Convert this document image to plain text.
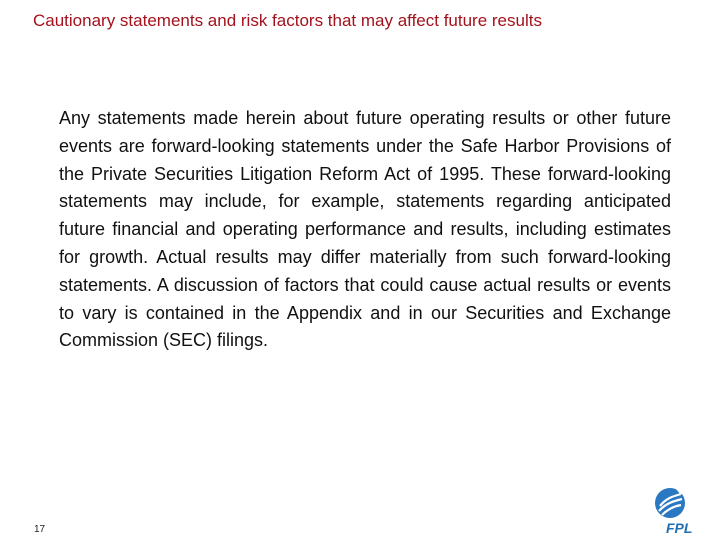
Cautionary statements and risk factors that may affect future results

Any statements made herein about future operating results or other future events are forward-looking statements under the Safe Harbor Provisions of the Private Securities Litigation Reform Act of 1995. These forward-looking statements may include, for example, statements regarding anticipated future financial and operating performance and results, including estimates for growth. Actual results may differ materially from such forward-looking statements. A discussion of factors that could cause actual results or events to vary is contained in the Appendix and in our Securities and Exchange Commission (SEC) filings.

17	FPL
